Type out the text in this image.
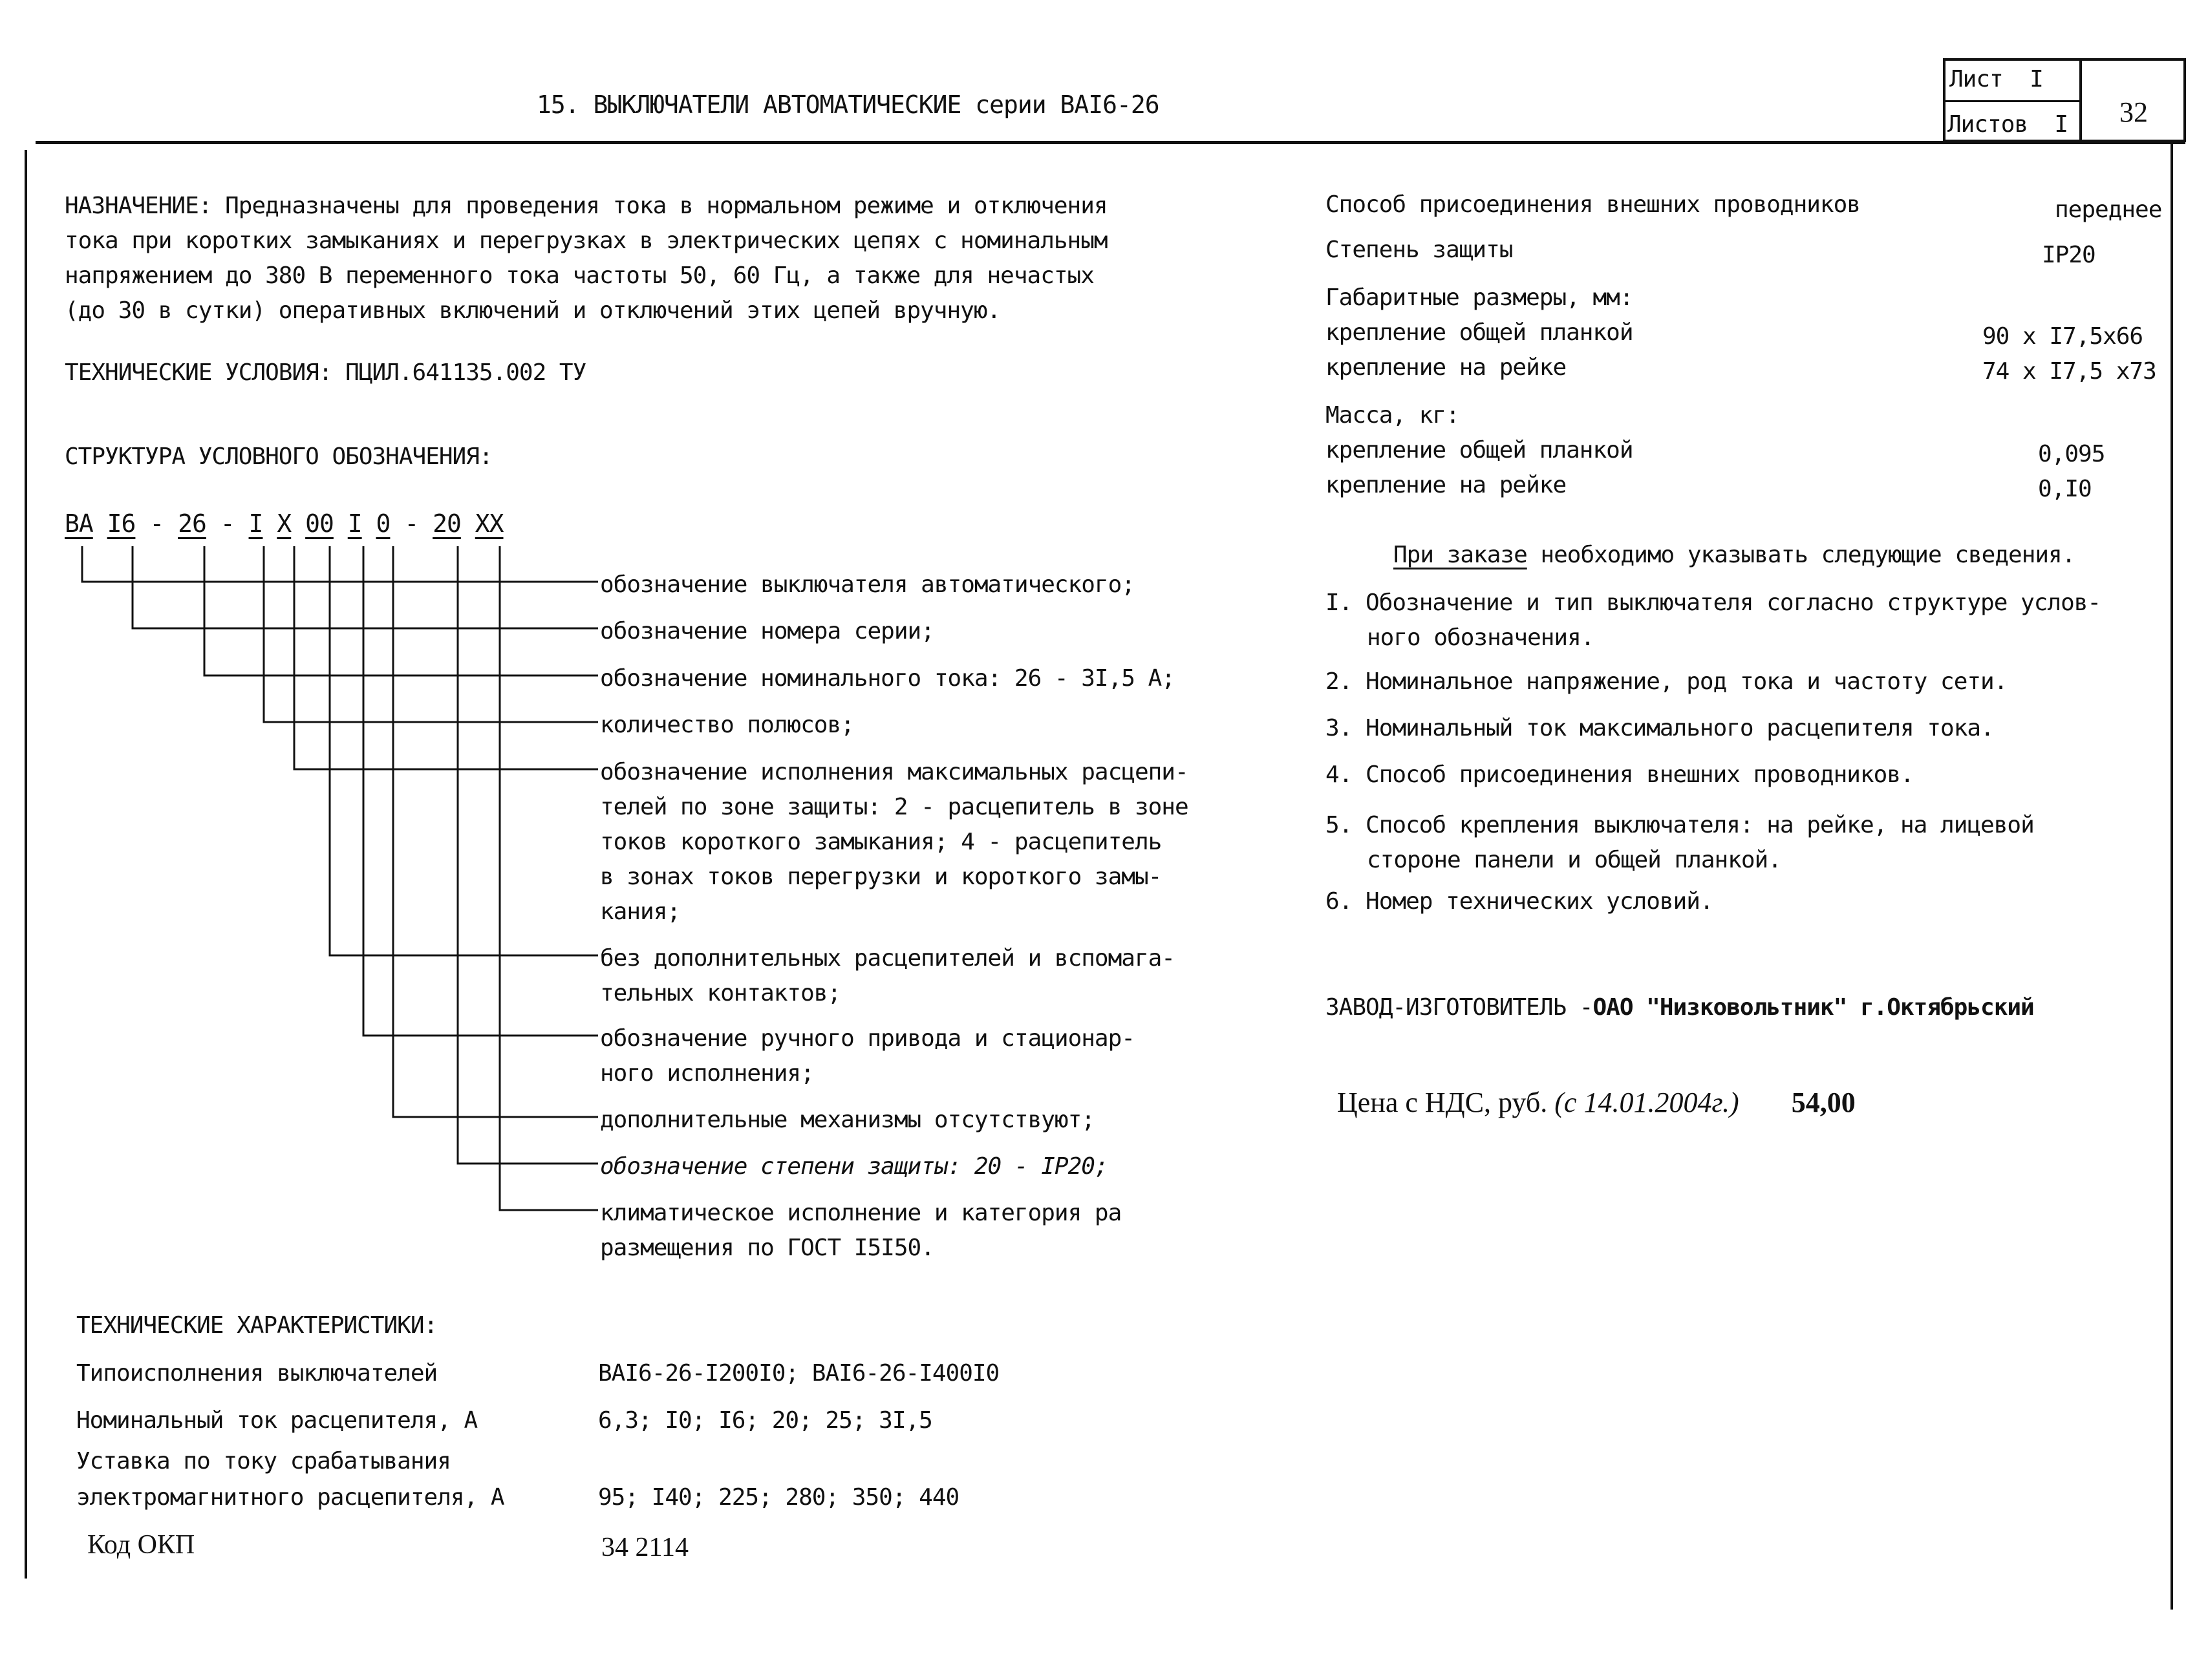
15. ВЫКЛЮЧАТЕЛИ АВТОМАТИЧЕСКИЕ серии ВАI6-26
Лист I
Листов I 32
НАЗНАЧЕНИЕ: Предназначены для проведения тока в нормальном режиме и отключения
тока при коротких замыканиях и перегрузках в электрических цепях с номинальным
напряжением до 380 В переменного тока частоты 50, 60 Гц, а также для нечастых
(до 30 в сутки) оперативных включений и отключений этих цепей вручную.
ТЕХНИЧЕСКИЕ УСЛОВИЯ: ПЦИЛ.641135.002 ТУ
СТРУКТУРА УСЛОВНОГО ОБОЗНАЧЕНИЯ:
ВА I6 - 26 - I X 00 I 0 - 20 XX
обозначение выключателя автоматического;
обозначение номера серии;
обозначение номинального тока: 26 - 3I,5 А;
количество полюсов;
обозначение исполнения максимальных расцепи-
телей по зоне защиты: 2 - расцепитель в зоне
токов короткого замыкания; 4 - расцепитель
в зонах токов перегрузки и короткого замы-
кания;
без дополнительных расцепителей и вспомага-
тельных контактов;
обозначение ручного привода и стационар-
ного исполнения;
дополнительные механизмы отсутствуют;
обозначение степени защиты: 20 - IP20;
климатическое исполнение и категория ра
размещения по ГОСТ I5I50.
ТЕХНИЧЕСКИЕ ХАРАКТЕРИСТИКИ:
Типоисполнения выключателей	ВАI6-26-I200I0; ВАI6-26-I400I0
Номинальный ток расцепителя, А	6,3; I0; I6; 20; 25; 3I,5
Уставка по току срабатывания
электромагнитного расцепителя, А	95; I40; 225; 280; 350; 440
Код ОКП	34 2114
Способ присоединения внешних проводников	переднее
Степень защиты	IP20
Габаритные размеры, мм:
крепление общей планкой	90 х I7,5х66
крепление на рейке	74 х I7,5 х73
Масса, кг:
крепление общей планкой	0,095
крепление на рейке	0,I0
При заказе необходимо указывать следующие сведения.
I. Обозначение и тип выключателя согласно структуре услов-
ного обозначения.
2. Номинальное напряжение, род тока и частоту сети.
3. Номинальный ток максимального расцепителя тока.
4. Способ присоединения внешних проводников.
5. Способ крепления выключателя: на рейке, на лицевой
стороне панели и общей планкой.
6. Номер технических условий.
ЗАВОД-ИЗГОТОВИТЕЛЬ -ОАО "Низковольтник" г.Октябрьский
Цена с НДС, руб. (с 14.01.2004г.) 54,00
